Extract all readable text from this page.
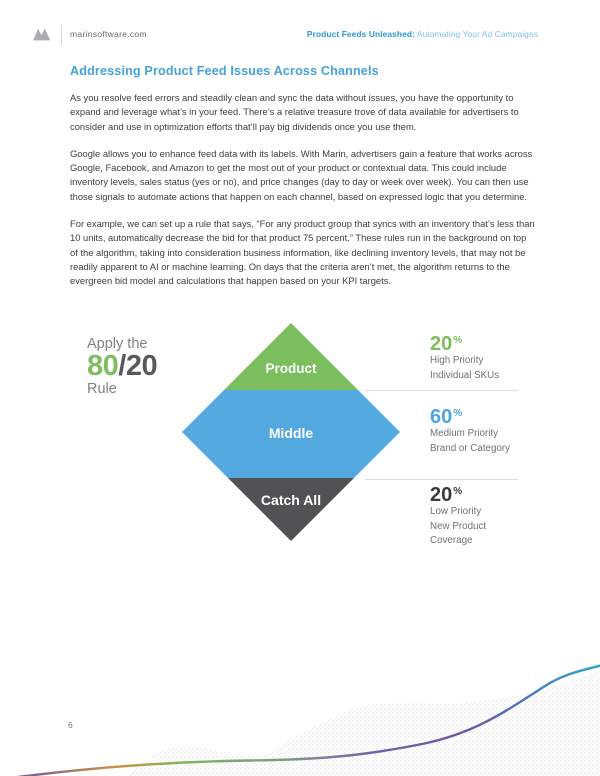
marinsoftware.com	Product Feeds Unleashed: Automating Your Ad Campaigns
Addressing Product Feed Issues Across Channels

As you resolve feed errors and steadily clean and sync the data without issues, you have the opportunity to expand and leverage what’s in your feed. There’s a relative treasure trove of data available for advertisers to consider and use in optimization efforts that’ll pay big dividends once you use them.

Google allows you to enhance feed data with its labels. With Marin, advertisers gain a feature that works across Google, Facebook, and Amazon to get the most out of your product or contextual data. This could include inventory levels, sales status (yes or no), and price changes (day to day or week over week). You can then use those signals to automate actions that happen on each channel, based on expressed logic that you determine.

For example, we can set up a rule that says, “For any product group that syncs with an inventory that’s less than 10 units, automatically decrease the bid for that product 75 percent.” These rules run in the background on top of the algorithm, taking into consideration business information, like declining inventory levels, that may not be readily apparent to AI or machine learning. On days that the criteria aren’t met, the algorithm returns to the evergreen bid model and calculations that happen based on your KPI targets.

Apply the
80/20
Rule
Product
Middle
Catch All
20%
High Priority
Individual SKUs
60%
Medium Priority
Brand or Category
20%
Low Priority
New Product
Coverage
6
